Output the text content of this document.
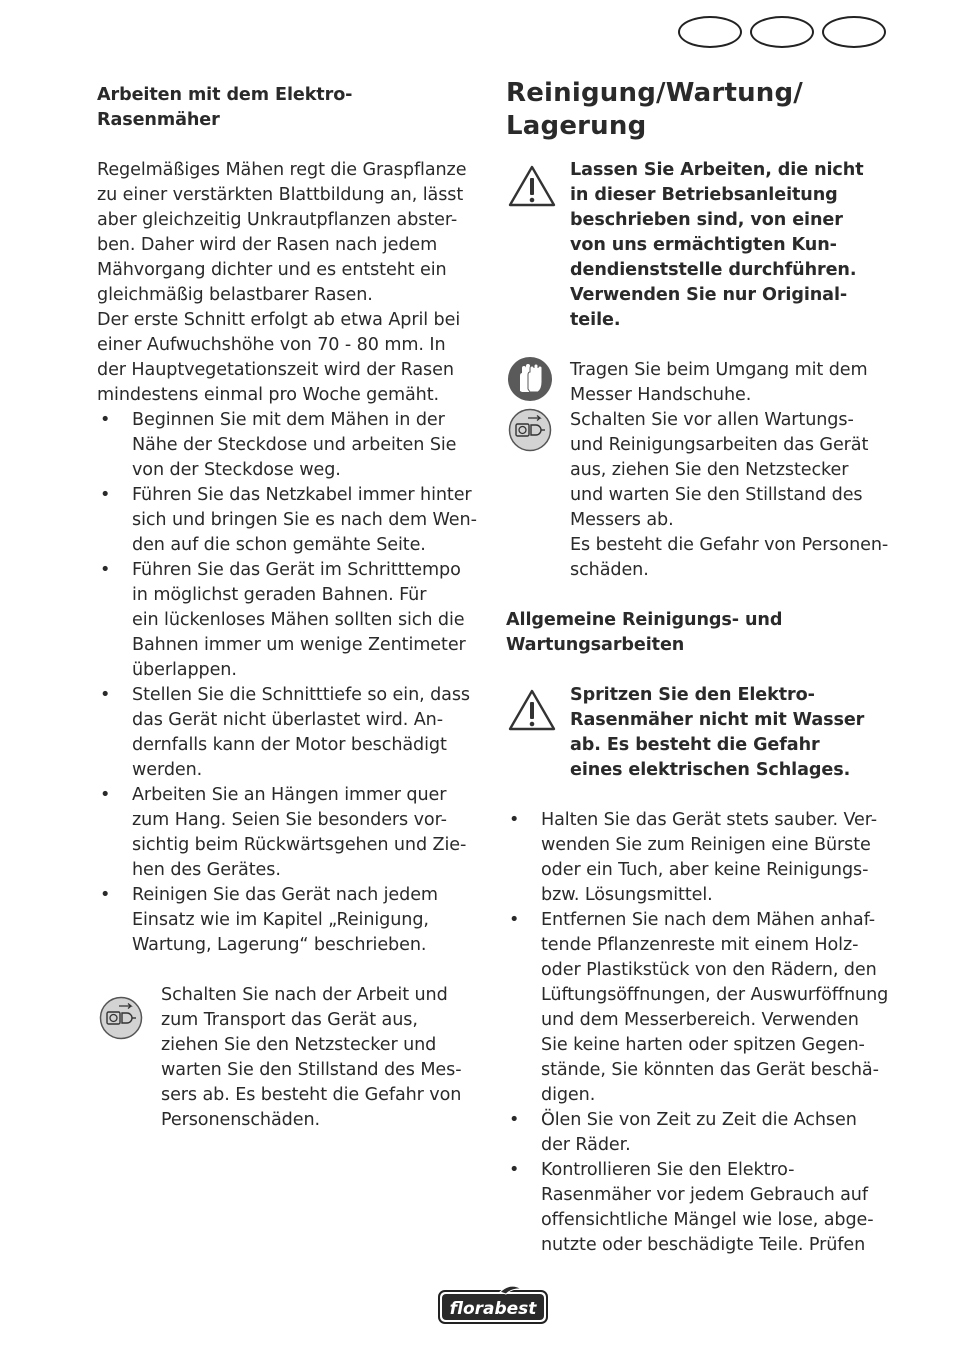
Arbeiten mit dem Elektro-

Rasenmäher

Regelmäßiges Mähen regt die Graspflanze

zu einer verstärkten Blattbildung an, lässt

aber gleichzeitig Unkrautpflanzen abster-

ben. Daher wird der Rasen nach jedem

Mähvorgang dichter und es entsteht ein

gleichmäßig belastbarer Rasen.

Der erste Schnitt erfolgt ab etwa April bei

einer Aufwuchshöhe von 70 - 80 mm. In

der Hauptvegetationszeit wird der Rasen

mindestens einmal pro Woche gemäht.

• Beginnen Sie mit dem Mähen in der
Nähe der Steckdose und arbeiten Sie
von der Steckdose weg.
• Führen Sie das Netzkabel immer hinter
sich und bringen Sie es nach dem Wen-
den auf die schon gemähte Seite.
• Führen Sie das Gerät im Schritttempo
in möglichst geraden Bahnen. Für
ein lückenloses Mähen sollten sich die
Bahnen immer um wenige Zentimeter
überlappen.
• Stellen Sie die Schnitttiefe so ein, dass
das Gerät nicht überlastet wird. An-
dernfalls kann der Motor beschädigt
werden.
• Arbeiten Sie an Hängen immer quer
zum Hang. Seien Sie besonders vor-
sichtig beim Rückwärtsgehen und Zie-
hen des Gerätes.
• Reinigen Sie das Gerät nach jedem
Einsatz wie im Kapitel „Reinigung,
Wartung, Lagerung“ beschrieben.

Schalten Sie nach der Arbeit und

zum Transport das Gerät aus,

ziehen Sie den Netzstecker und

warten Sie den Stillstand des Mes-

sers ab. Es besteht die Gefahr von

Personenschäden.

Reinigung/Wartung/
Lagerung

Lassen Sie Arbeiten, die nicht

in dieser Betriebsanleitung

beschrieben sind, von einer

von uns ermächtigten Kun-

dendienststelle durchführen.

Verwenden Sie nur Original-

teile.

Tragen Sie beim Umgang mit dem

Messer Handschuhe.

Schalten Sie vor allen Wartungs-

und Reinigungsarbeiten das Gerät

aus, ziehen Sie den Netzstecker

und warten Sie den Stillstand des

Messers ab.

Es besteht die Gefahr von Personen-

schäden.

Allgemeine Reinigungs- und

Wartungsarbeiten

Spritzen Sie den Elektro-

Rasenmäher nicht mit Wasser

ab. Es besteht die Gefahr

eines elektrischen Schlages.

• Halten Sie das Gerät stets sauber. Ver-
wenden Sie zum Reinigen eine Bürste
oder ein Tuch, aber keine Reinigungs-
bzw. Lösungsmittel.
• Entfernen Sie nach dem Mähen anhaf-
tende Pflanzenreste mit einem Holz-
oder Plastikstück von den Rädern, den
Lüftungsöffnungen, der Auswurföffnung
und dem Messerbereich. Verwenden
Sie keine harten oder spitzen Gegen-
stände, Sie könnten das Gerät beschä-
digen.
• Ölen Sie von Zeit zu Zeit die Achsen
der Räder.
• Kontrollieren Sie den Elektro-
Rasenmäher vor jedem Gebrauch auf
offensichtliche Mängel wie lose, abge-
nutzte oder beschädigte Teile. Prüfen
florabest
